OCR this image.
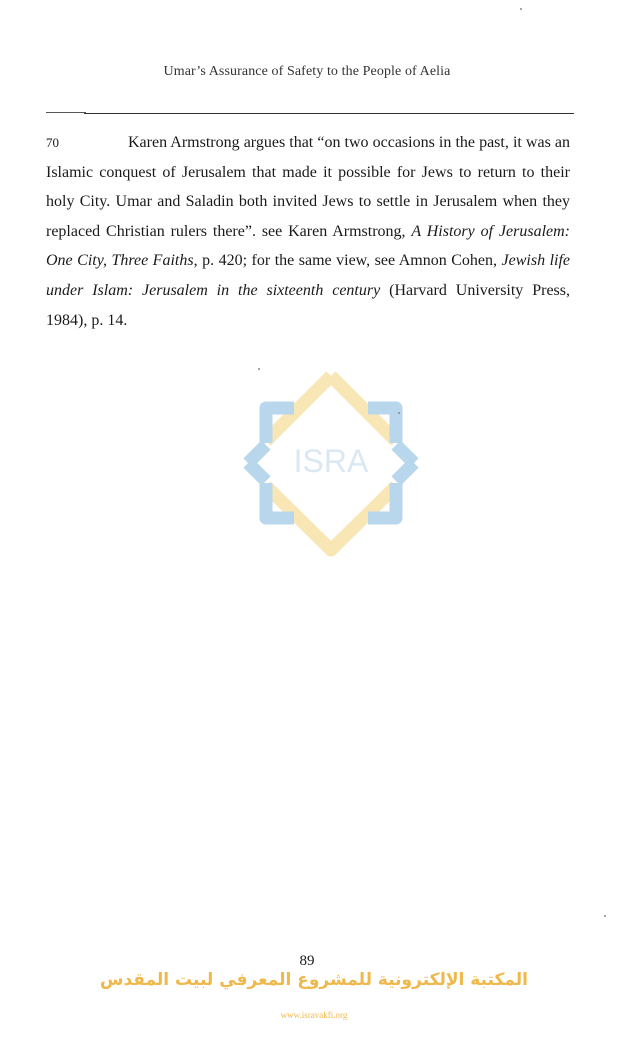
Umar’s Assurance of Safety to the People of Aelia
70	Karen Armstrong argues that “on two occasions in the past, it was an Islamic conquest of Jerusalem that made it possible for Jews to return to their holy City. Umar and Saladin both invited Jews to settle in Jerusalem when they replaced Christian rulers there”. see Karen Armstrong, A History of Jerusalem: One City, Three Faiths, p. 420; for the same view, see Amnon Cohen, Jewish life under Islam: Jerusalem in the sixteenth century (Harvard University Press, 1984), p. 14.
ISRA
89
المكتبة الإلكترونية للمشروع المعرفي لبيت المقدس
www.isravakfi.org
